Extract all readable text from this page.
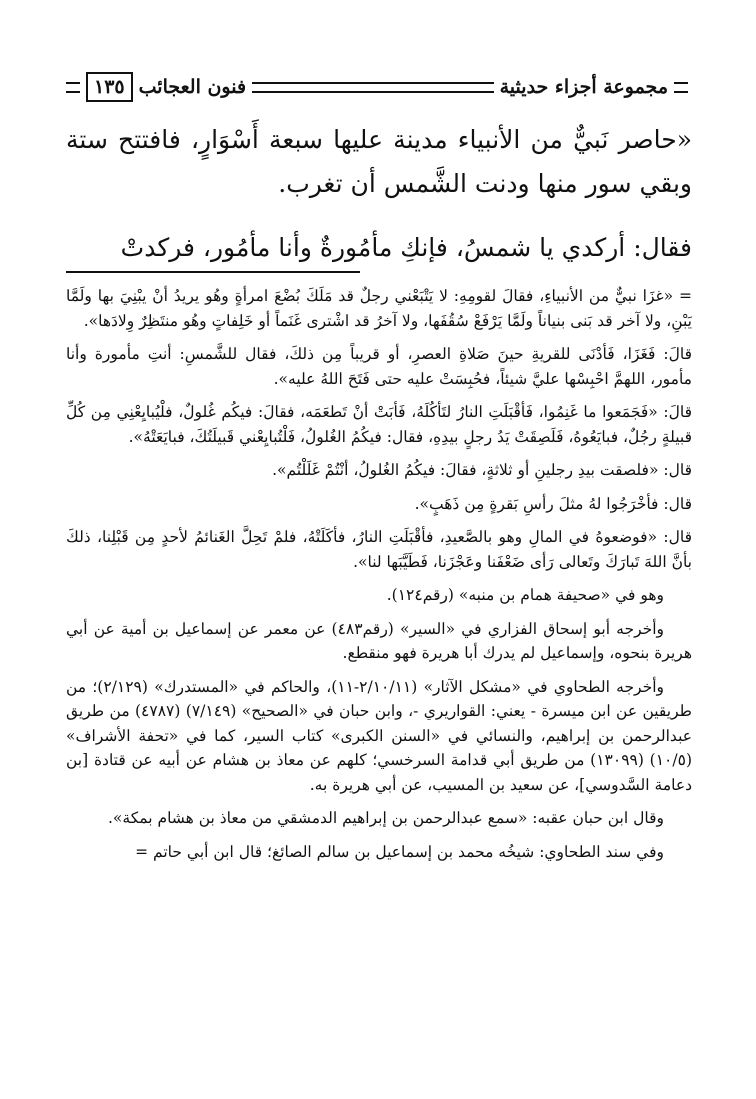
مجموعة أجزاء حديثية
فنون العجائب
١٣٥

«حاصر نَبيٌّ من الأنبياء مدينة عليها سبعة أَسْوَارٍ، فافتتح ستة وبقي سور منها ودنت الشَّمس أن تغرب.

فقال: أركدي يا شمسُ، فإنكِ مأمُورةٌ وأنا مأمُور، فركدتْ

= «غزَا نبيٌّ من الأنبياءِ، فقالَ لقومِهِ: لا يَتْبَعْني رجلٌ قد مَلَكَ بُضْعَ امرأةٍ وهُو يريدُ أنْ يبْنِيَ بها ولَمَّا يَبْنِ، ولا آخر قد بَنى بنياناً ولَمَّا يَرْفَعْ سُقُفَها، ولا آخرُ قد اشْترى غَنَماً أو خَلِفاتٍ وهُو منتَظِرٌ وِلادَها».

قالَ: فَغَزَا، فَأدْنَى للقريةِ حينَ صَلاةِ العصرِ، أو قريباً مِن ذلكَ، فقال للشَّمسِ: أنتِ مأمورة وأنا مأمور، اللهمَّ احْبِسْها عليَّ شيئاً، فحُبِسَتْ عليه حتى فَتَحَ اللهُ عليه».

قالَ: «فَجَمَعوا ما غَنِمُوا، فَأقْبَلَتِ النارُ لتَأكُلَهُ، فَأبَتْ أنْ تَطعَمَه، فقالَ: فيكُم غُلولٌ، فلْيُبايِعْنِي مِن كُلِّ قبيلةٍ رجُلٌ، فبايَعُوهُ، فَلَصِقَتْ يَدُ رجلٍ بيدِهِ، فقال: فيكُمُ الغُلولُ، فَلْتُبايِعْني قَبيلَتُكَ، فبايَعَتْهُ».

قال: «فلصقت بيدِ رجلينِ أو ثلاثةٍ، فقالَ: فيكُمُ الغُلولُ، أنْتُمْ غَلَلْتُم».

قال: فأخْرَجُوا لهُ مثلَ رأسِ بَقرةٍ مِن ذَهَبٍ».

قال: «فوضعوهُ في المالِ وهو بالصَّعيدِ، فأقْبَلَتِ النارُ، فأكَلَتْهُ، فلمْ تَحِلَّ الغَنائمُ لأحدٍ مِن قَبْلِنا، ذلكَ بأنَّ اللهَ تَبارَكَ وتَعالى رَأى ضَعْفَنا وعَجْزَنا، فَطَيَّبَها لنا».

وهو في «صحيفة همام بن منبه» (رقم١٢٤).

وأخرجه أبو إسحاق الفزاري في «السير» (رقم٤٨٣) عن معمر عن إسماعيل بن أمية عن أبي هريرة بنحوه، وإسماعيل لم يدرك أبا هريرة فهو منقطع.

وأخرجه الطحاوي في «مشكل الآثار» (٢/١٠/١١-١١)، والحاكم في «المستدرك» (٢/١٢٩)؛ من طريقين عن ابن ميسرة - يعني: القواريري -، وابن حبان في «الصحيح» (٧/١٤٩) (٤٧٨٧) من طريق عبدالرحمن بن إبراهيم، والنسائي في «السنن الكبرى» كتاب السير، كما في «تحفة الأشراف» (١٠/٥) (١٣٠٩٩) من طريق أبي قدامة السرخسي؛ كلهم عن معاذ بن هشام عن أبيه عن قتادة [بن دعامة السَّدوسي]، عن سعيد بن المسيب، عن أبي هريرة به.

وقال ابن حبان عقبه: «سمع عبدالرحمن بن إبراهيم الدمشقي من معاذ بن هشام بمكة».

وفي سند الطحاوي: شيخُه محمد بن إسماعيل بن سالم الصائغ؛ قال ابن أبي حاتم =
